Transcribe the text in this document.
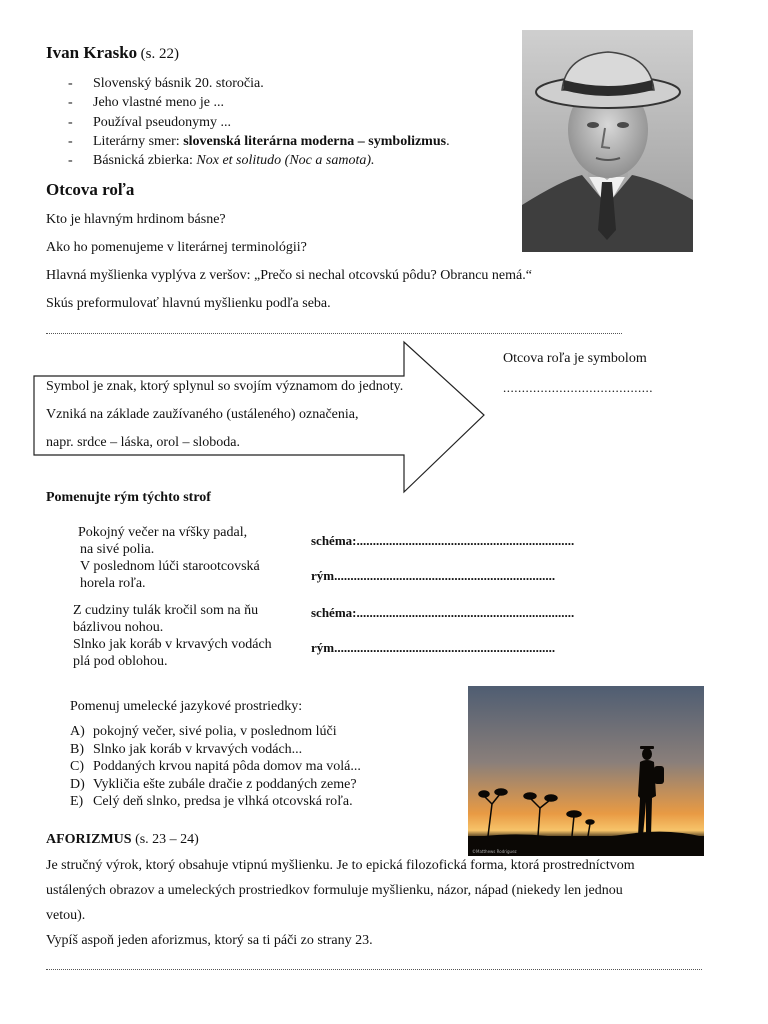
Ivan Krasko (s. 22)
- Slovenský básnik 20. storočia.
- Jeho vlastné meno je ...
- Používal pseudonymy ...
- Literárny smer: slovenská literárna moderna – symbolizmus.
- Básnická zbierka: Nox et solitudo (Noc a samota).
Otcova roľa
Kto je hlavným hrdinom básne?
Ako ho pomenujeme v literárnej terminológii?
Hlavná myšlienka vyplýva z veršov: „Prečo si nechal otcovskú pôdu? Obrancu nemá.“
Skús preformulovať hlavnú myšlienku podľa seba.
Symbol je znak, ktorý splynul so svojím významom do jednoty.
Vzniká na základe zaužívaného (ustáleného) označenia,
napr. srdce – láska, orol – sloboda.
Otcova roľa je symbolom
........................................
Pomenujte rým týchto strof
Pokojný večer na vŕšky padal,
na sivé polia.
V poslednom lúči starootcovská
horela roľa.
Z cudziny tulák kročil som na ňu
bázlivou nohou.
Slnko jak koráb v krvavých vodách
plá pod oblohou.
schéma:...................................................................
rým....................................................................
schéma:...................................................................
rým....................................................................
Pomenuj umelecké jazykové prostriedky:
A) pokojný večer, sivé polia, v poslednom lúči
B) Slnko jak koráb v krvavých vodách...
C) Poddaných krvou napitá pôda domov ma volá...
D) Vykličia ešte zubále dračie z poddaných zeme?
E) Celý deň slnko, predsa je vlhká otcovská roľa.
©Matthews Rodriguez
AFORIZMUS (s. 23 – 24)
Je stručný výrok, ktorý obsahuje vtipnú myšlienku. Je to epická filozofická forma, ktorá prostredníctvom
ustálených obrazov a umeleckých prostriedkov formuluje myšlienku, názor, nápad (niekedy len jednou
vetou).
Vypíš aspoň jeden aforizmus, ktorý sa ti páči zo strany 23.
